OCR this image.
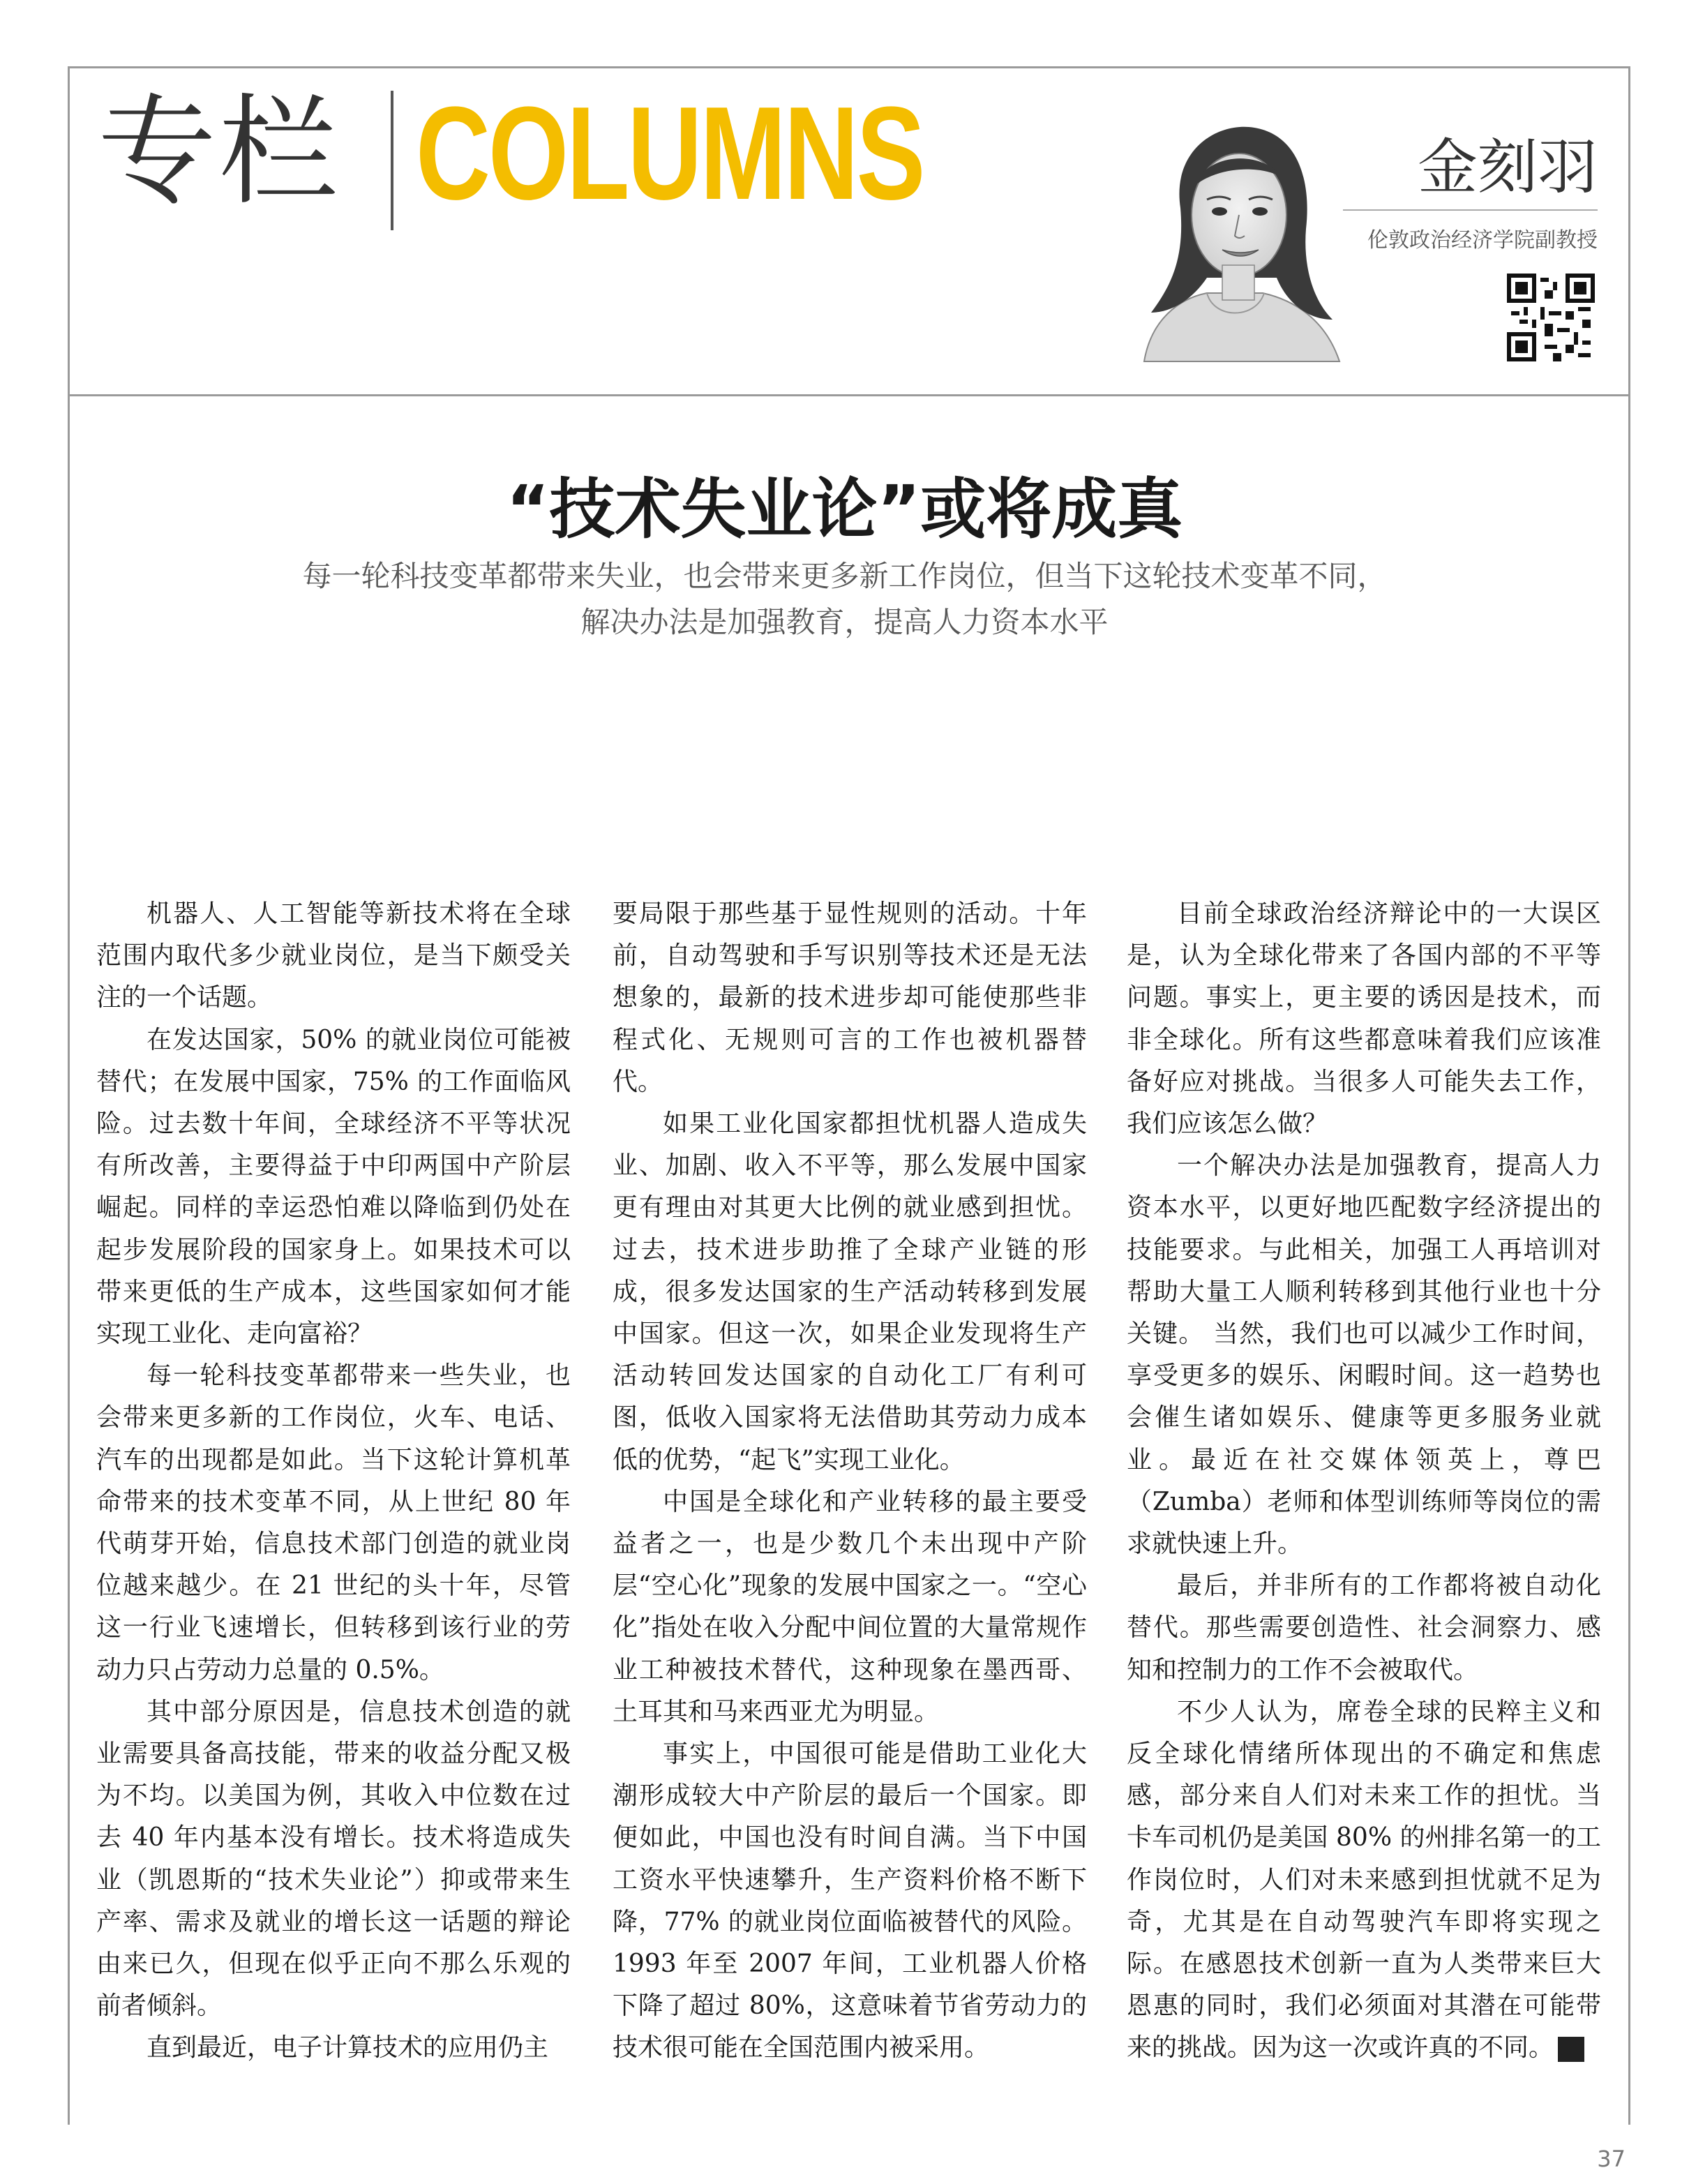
专栏 COLUMNS	金刻羽
伦敦政治经济学院副教授
“技术失业论”或将成真
每一轮科技变革都带来失业，也会带来更多新工作岗位，但当下这轮技术变革不同，
解决办法是加强教育，提高人力资本水平

机器人、人工智能等新技术将在全球范围内取代多少就业岗位，是当下颇受关注的一个话题。

在发达国家，50% 的就业岗位可能被替代；在发展中国家，75% 的工作面临风险。过去数十年间，全球经济不平等状况有所改善，主要得益于中印两国中产阶层崛起。同样的幸运恐怕难以降临到仍处在起步发展阶段的国家身上。如果技术可以带来更低的生产成本，这些国家如何才能实现工业化、走向富裕？

每一轮科技变革都带来一些失业，也会带来更多新的工作岗位，火车、电话、汽车的出现都是如此。当下这轮计算机革命带来的技术变革不同，从上世纪 80 年代萌芽开始，信息技术部门创造的就业岗位越来越少。在 21 世纪的头十年，尽管这一行业飞速增长，但转移到该行业的劳动力只占劳动力总量的 0.5%。

其中部分原因是，信息技术创造的就业需要具备高技能，带来的收益分配又极为不均。以美国为例，其收入中位数在过去 40 年内基本没有增长。技术将造成失业（凯恩斯的“技术失业论”）抑或带来生产率、需求及就业的增长这一话题的辩论由来已久，但现在似乎正向不那么乐观的前者倾斜。

直到最近，电子计算技术的应用仍主

要局限于那些基于显性规则的活动。十年前，自动驾驶和手写识别等技术还是无法想象的，最新的技术进步却可能使那些非程式化、无规则可言的工作也被机器替代。

如果工业化国家都担忧机器人造成失业、加剧、收入不平等，那么发展中国家更有理由对其更大比例的就业感到担忧。过去，技术进步助推了全球产业链的形成，很多发达国家的生产活动转移到发展中国家。但这一次，如果企业发现将生产活动转回发达国家的自动化工厂有利可图，低收入国家将无法借助其劳动力成本低的优势，“起飞”实现工业化。

中国是全球化和产业转移的最主要受益者之一，也是少数几个未出现中产阶层“空心化”现象的发展中国家之一。“空心化”指处在收入分配中间位置的大量常规作业工种被技术替代，这种现象在墨西哥、土耳其和马来西亚尤为明显。

事实上，中国很可能是借助工业化大潮形成较大中产阶层的最后一个国家。即便如此，中国也没有时间自满。当下中国工资水平快速攀升，生产资料价格不断下降，77% 的就业岗位面临被替代的风险。1993 年至 2007 年间，工业机器人价格下降了超过 80%，这意味着节省劳动力的技术很可能在全国范围内被采用。

目前全球政治经济辩论中的一大误区是，认为全球化带来了各国内部的不平等问题。事实上，更主要的诱因是技术，而非全球化。所有这些都意味着我们应该准备好应对挑战。当很多人可能失去工作，我们应该怎么做？

一个解决办法是加强教育，提高人力资本水平，以更好地匹配数字经济提出的技能要求。与此相关，加强工人再培训对帮助大量工人顺利转移到其他行业也十分关键。 当然，我们也可以减少工作时间，享受更多的娱乐、闲暇时间。这一趋势也会催生诸如娱乐、健康等更多服务业就业。最近在社交媒体领英上，尊巴（Zumba）老师和体型训练师等岗位的需求就快速上升。

最后，并非所有的工作都将被自动化替代。那些需要创造性、社会洞察力、感知和控制力的工作不会被取代。

不少人认为，席卷全球的民粹主义和反全球化情绪所体现出的不确定和焦虑感，部分来自人们对未来工作的担忧。当卡车司机仍是美国 80% 的州排名第一的工作岗位时，人们对未来感到担忧就不足为奇，尤其是在自动驾驶汽车即将实现之际。在感恩技术创新一直为人类带来巨大恩惠的同时，我们必须面对其潜在可能带来的挑战。因为这一次或许真的不同。	新

37
